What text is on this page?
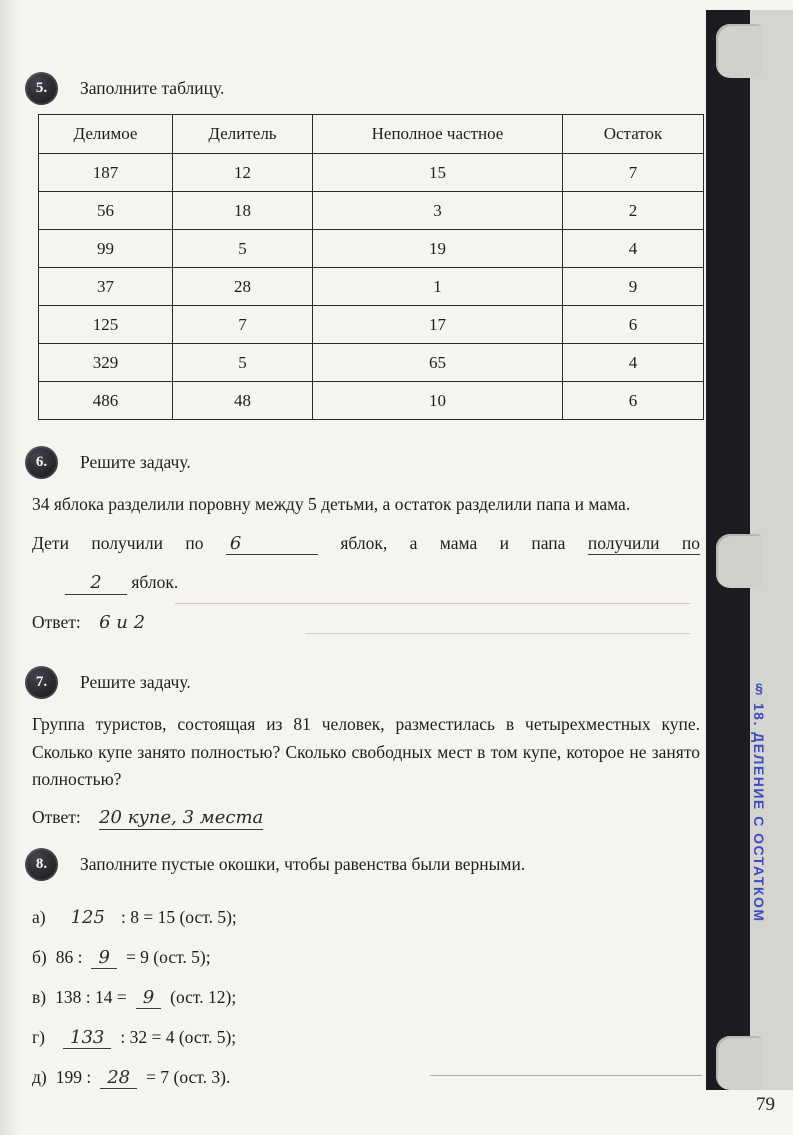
§ 18. ДЕЛЕНИЕ С ОСТАТКОМ
79
5.	Заполните таблицу.
Делимое	Делитель	Неполное частное	Остаток
187	12	15	7
56	18	3	2
99	5	19	4
37	28	1	9
125	7	17	6
329	5	65	4
486	48	10	6
6.	Решите задачу.

34 яблока разделили поровну между 5 детьми, а остаток разделили папа и мама.

Дети получили по 6	яблок, а мама и папа получили по
2 яблок.
Ответ: 6 и 2
7.	Решите задачу.

Группа туристов, состоящая из 81 человек, разместилась в четырехместных купе. Сколько купе занято полностью? Сколько свободных мест в том купе, которое не занято полностью?

Ответ: 20 купе, 3 места
8.	Заполните пустые окошки, чтобы равенства были верными.
а) 125 : 8 = 15 (ост. 5);
б) 86 : 9 = 9 (ост. 5);
в) 138 : 14 = 9 (ост. 12);
г) 133 : 32 = 4 (ост. 5);
д) 199 : 28 = 7 (ост. 3).
